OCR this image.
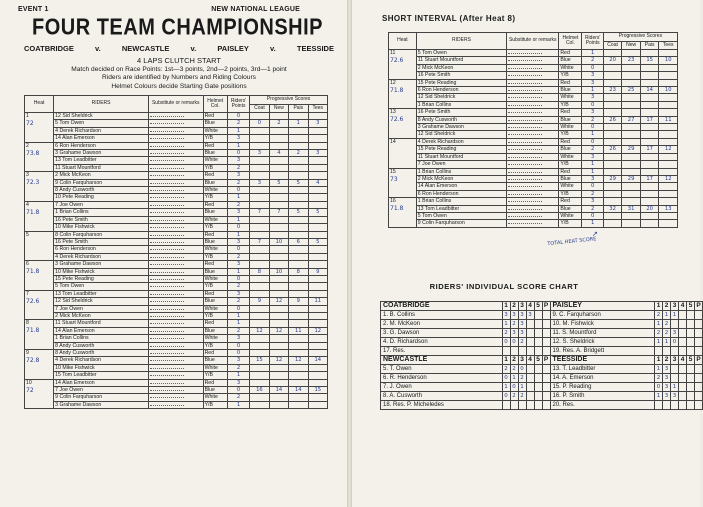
EVENT 1	NEW NATIONAL LEAGUE
FOUR TEAM CHAMPIONSHIP
COATBRIDGE	v.	NEWCASTLE	v.	PAISLEY	v.	TEESSIDE
4 LAPS CLUTCH START
Match decided on Race Points: 1st—3 points, 2nd—2 points, 3rd—1 point
Riders are identified by Numbers and Riding Colours
Helmet Colours decide Starting Gate positions
Heat	RIDERS	Substitute or remarks	Helmet Col.	Riders' Points	Progressive Scores			
					Coat	New	Pais	Tees

1
72	12 Sid Sheldrick		Red	0				
	5 Tom Owen		Blue	2	0	2	1	3
	4 Derek Richardson		White	1				
	14 Alan Emerson		Y/B	3				

2
73.8	6 Ron Henderson		Red	1				
	3 Grahame Dawson		Blue	0	3	4	2	3
	13 Tom Leadbitter		White	3				
	11 Stuart Mountford		Y/B	2				

3
72.3	2 Mick McKeon		Red	3				
	9 Colin Farquharson		Blue	2	3	5	5	4
	8 Andy Cusworth		White	0				
	10 Pete Reading		Y/B	1				

4
71.8	7 Joe Owen		Red	2				
	1 Brian Collins		Blue	3	7	7	5	5
	16 Pete Smith		White	1				
	10 Mike Fishwick		Y/B	0				

5	8 Colin Farquharson		Red	1				
	16 Pete Smith		Blue	3	7	10	6	5
	6 Ron Henderson		White	0				
	4 Derek Richardson		Y/B	2				

6
71.8	3 Grahame Dawson		Red	3				
	10 Mike Fishwick		Blue	1	8	10	8	9
	15 Pete Reading		White	0				
	5 Tom Owen		Y/B	2				

7
72.6	13 Tom Leadbitter		Red	3				
	12 Sid Sheldrick		Blue	2	9	12	9	11
	7 Joe Owen		White	0				
	2 Mick McKeon		Y/B	1				

8
71.8	11 Stuart Mountford		Red	1				
	14 Alan Emerson		Blue	2	12	12	11	12
	1 Brian Collins		White	3				
	8 Andy Cusworth		Y/B	0				

9
72.8	8 Andy Cusworth		Red	0				
	4 Derek Richardson		Blue	3	15	12	12	14
	10 Mike Fishwick		White	2				
	15 Tom Leadbitter		Y/B	1				

10
72	14 Alan Emerson		Red	3				
	7 Joe Owen		Blue	0	16	14	14	15
	9 Colin Farquharson		White	2				
	3 Grahame Dawson		Y/B	1				
SHORT INTERVAL (After Heat 8)
Heat	RIDERS	Substitute or remarks	Helmet Col.	Riders' Points	Progressive Scores			
					Coat	New	Pais	Tees

11
72.6	5 Tom Owen		Red	1				
	11 Stuart Mountford		Blue	2	20	23	15	10
	2 Mick McKeon		White	0				
	16 Pete Smith		Y/B	3				

12
71.8	15 Pete Reading		Red	3				
	6 Ron Henderson		Blue	1	23	25	14	10
	12 Sid Sheldrick		White	3				
	1 Brian Collins		Y/B	0				

13
72.6	16 Pete Smith		Red	3				
	8 Andy Cusworth		Blue	2	26	27	17	11
	3 Grahame Dawson		White	0				
	12 Sid Sheldrick		Y/B	1				

14	4 Derek Richardson		Red	0				
	15 Pete Reading		Blue	2	26	29	17	12
	11 Stuart Mountford		White	3				
	7 Joe Owen		Y/B	1				

15
73	1 Brian Collins		Red	1				
	2 Mick McKeon		Blue	3	29	29	17	12
	14 Alan Emerson		White	0				
	6 Ron Henderson		Y/B	2				

16
71.8	1 Brian Collins		Red	3				
	13 Tom Leadbitter		Blue	2	32	31	20	13
	5 Tom Owen		White	0				
	9 Colin Farquharson		Y/B	1				
TOTAL HEAT SCORE
↗
RIDERS' INDIVIDUAL SCORE CHART
COATBRIDGE	1	2	3	4	5	P	PAISLEY	1	2	3	4	5	P
1. B. Collins	3	3	3	3			9. C. Farquharson	2	1	1			
2. M. McKeon	1	2	3				10. M. Fishwick	1	2				
3. G. Dawson	2	3	3				11. S. Mountford	2	2	3			
4. D. Richardson	0	0	2				12. S. Sheldrick	1	1	0			
17. Res.							19. Res. A. Bridgett						
NEWCASTLE	1	2	3	4	5	P	TEESSIDE	1	2	3	4	5	P
5. T. Owen	2	2	0				13. T. Leadbitter	1	3				
6. R. Henderson	0	1	2				14. A. Emerson	2	3				
7. J. Owen	1	0	1				15. P. Reading	0	3	1			
8. A. Cusworth	0	2	2				16. P. Smith	1	3	3			
18. Res. P. Micheledes							20. Res.						
